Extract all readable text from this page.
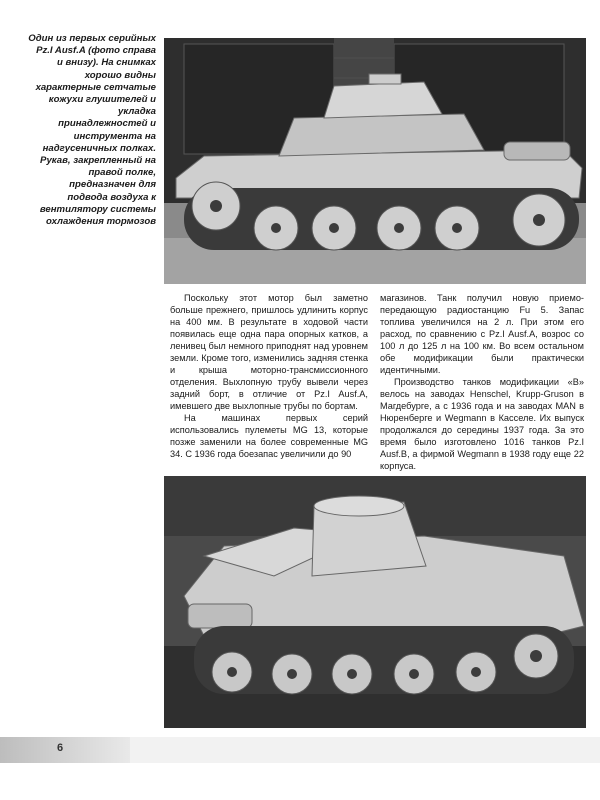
Один из первых серийных Pz.I Ausf.A (фото справа и внизу). На снимках хорошо видны характерные сетчатые кожухи глушителей и укладка принадлежностей и инструмента на надгусеничных полках. Рукав, закрепленный на правой полке, предназначен для подвода воздуха к вентилятору системы охлаждения тормозов

Поскольку этот мотор был заметно больше прежнего, пришлось удлинить корпус на 400 мм. В результате в ходовой части появилась еще одна пара опорных катков, а ленивец был немного приподнят над уровнем земли. Кроме того, изменились задняя стенка и крыша моторно-трансмиссионного отделения. Выхлопную трубу вывели через задний борт, в отличие от Pz.I Ausf.A, имевшего две выхлопные трубы по бортам.

На машинах первых серий использовались пулеметы MG 13, которые позже заменили на более современные MG 34. С 1936 года боезапас увеличили до 90

магазинов. Танк получил новую приемо-передающую радиостанцию Fu 5. Запас топлива увеличился на 2 л. При этом его расход, по сравнению с Pz.I Ausf.A, возрос со 100 л до 125 л на 100 км. Во всем остальном обе модификации были практически идентичными.

Производство танков модификации «В» велось на заводах Henschel, Krupp-Gruson в Магдебурге, а с 1936 года и на заводах MAN в Нюренберге и Wegmann в Касселе. Их выпуск продолжался до середины 1937 года. За это время было изготовлено 1016 танков Pz.I Ausf.B, а фирмой Wegmann в 1938 году еще 22 корпуса.

6
